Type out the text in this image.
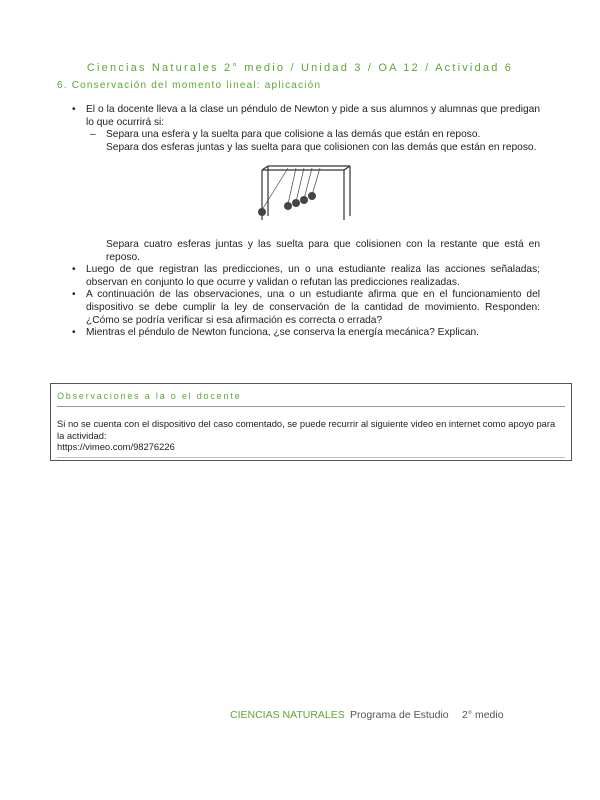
Ciencias Naturales 2° medio / Unidad 3 / OA 12 / Actividad 6
6. Conservación del momento lineal: aplicación

• El o la docente lleva a la clase un péndulo de Newton y pide a sus alumnos y alumnas que predigan lo que ocurrirá si:

– Separa una esfera y la suelta para que colisione a las demás que están en reposo.

Separa dos esferas juntas y las suelta para que colisionen con las demás que están en reposo.

Separa cuatro esferas juntas y las suelta para que colisionen con la restante que está en reposo.

• Luego de que registran las predicciones, un o una estudiante realiza las acciones señaladas; observan en conjunto lo que ocurre y validan o refutan las predicciones realizadas.

• A continuación de las observaciones, una o un estudiante afirma que en el funcionamiento del dispositivo se debe cumplir la ley de conservación de la cantidad de movimiento. Responden: ¿Cómo se podría verificar si esa afirmación es correcta o errada?

• Mientras el péndulo de Newton funciona, ¿se conserva la energía mecánica? Explican.

Observaciones a la o el docente
Si no se cuenta con el dispositivo del caso comentado, se puede recurrir al siguiente video en internet como apoyo para la actividad:
https://vimeo.com/98276226
CIENCIAS NATURALES Programa de Estudio 2° medio
